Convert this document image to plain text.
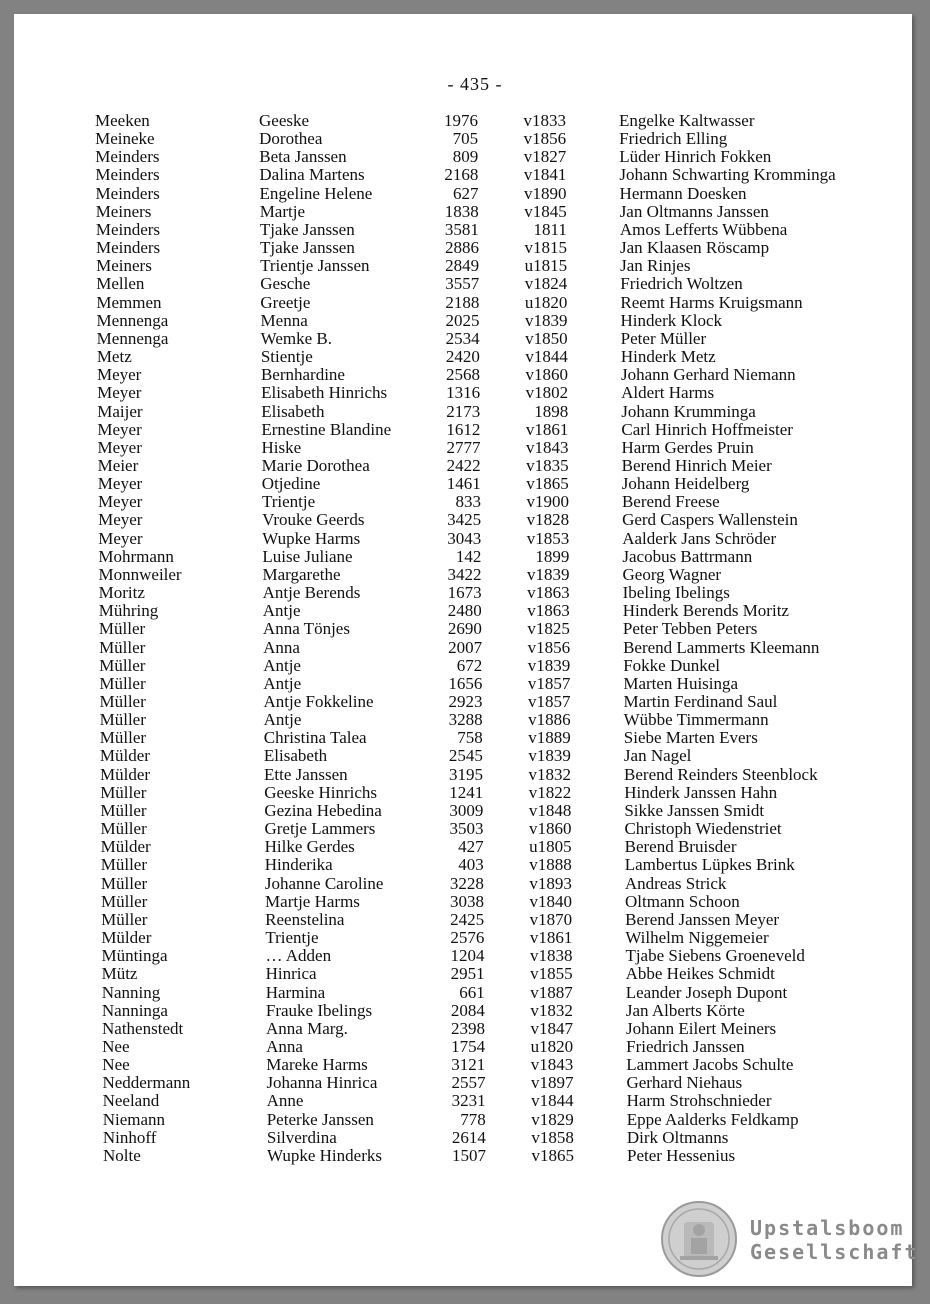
- 435 -
Meeken	Geeske	1976	v1833	Engelke Kaltwasser
Meineke	Dorothea	705	v1856	Friedrich Elling
Meinders	Beta Janssen	809	v1827	Lüder Hinrich Fokken
Meinders	Dalina Martens	2168	v1841	Johann Schwarting Kromminga
Meinders	Engeline Helene	627	v1890	Hermann Doesken
Meiners	Martje	1838	v1845	Jan Oltmanns Janssen
Meinders	Tjake Janssen	3581	1811	Amos Lefferts Wübbena
Meinders	Tjake Janssen	2886	v1815	Jan Klaasen Röscamp
Meiners	Trientje Janssen	2849	u1815	Jan Rinjes
Mellen	Gesche	3557	v1824	Friedrich Woltzen
Memmen	Greetje	2188	u1820	Reemt Harms Kruigsmann
Mennenga	Menna	2025	v1839	Hinderk Klock
Mennenga	Wemke B.	2534	v1850	Peter Müller
Metz	Stientje	2420	v1844	Hinderk Metz
Meyer	Bernhardine	2568	v1860	Johann Gerhard Niemann
Meyer	Elisabeth Hinrichs	1316	v1802	Aldert Harms
Maijer	Elisabeth	2173	1898	Johann Krumminga
Meyer	Ernestine Blandine	1612	v1861	Carl Hinrich Hoffmeister
Meyer	Hiske	2777	v1843	Harm Gerdes Pruin
Meier	Marie Dorothea	2422	v1835	Berend Hinrich Meier
Meyer	Otjedine	1461	v1865	Johann Heidelberg
Meyer	Trientje	833	v1900	Berend Freese
Meyer	Vrouke Geerds	3425	v1828	Gerd Caspers Wallenstein
Meyer	Wupke Harms	3043	v1853	Aalderk Jans Schröder
Mohrmann	Luise Juliane	142	1899	Jacobus Battrmann
Monnweiler	Margarethe	3422	v1839	Georg Wagner
Moritz	Antje Berends	1673	v1863	Ibeling Ibelings
Mühring	Antje	2480	v1863	Hinderk Berends Moritz
Müller	Anna Tönjes	2690	v1825	Peter Tebben Peters
Müller	Anna	2007	v1856	Berend Lammerts Kleemann
Müller	Antje	672	v1839	Fokke Dunkel
Müller	Antje	1656	v1857	Marten Huisinga
Müller	Antje Fokkeline	2923	v1857	Martin Ferdinand Saul
Müller	Antje	3288	v1886	Wübbe Timmermann
Müller	Christina Talea	758	v1889	Siebe Marten Evers
Mülder	Elisabeth	2545	v1839	Jan Nagel
Mülder	Ette Janssen	3195	v1832	Berend Reinders Steenblock
Müller	Geeske Hinrichs	1241	v1822	Hinderk Janssen Hahn
Müller	Gezina Hebedina	3009	v1848	Sikke Janssen Smidt
Müller	Gretje Lammers	3503	v1860	Christoph Wiedenstriet
Mülder	Hilke Gerdes	427	u1805	Berend Bruisder
Müller	Hinderika	403	v1888	Lambertus Lüpkes Brink
Müller	Johanne Caroline	3228	v1893	Andreas Strick
Müller	Martje Harms	3038	v1840	Oltmann Schoon
Müller	Reenstelina	2425	v1870	Berend Janssen Meyer
Mülder	Trientje	2576	v1861	Wilhelm Niggemeier
Müntinga	… Adden	1204	v1838	Tjabe Siebens Groeneveld
Mütz	Hinrica	2951	v1855	Abbe Heikes Schmidt
Nanning	Harmina	661	v1887	Leander Joseph Dupont
Nanninga	Frauke Ibelings	2084	v1832	Jan Alberts Körte
Nathenstedt	Anna Marg.	2398	v1847	Johann Eilert Meiners
Nee	Anna	1754	u1820	Friedrich Janssen
Nee	Mareke Harms	3121	v1843	Lammert Jacobs Schulte
Neddermann	Johanna Hinrica	2557	v1897	Gerhard Niehaus
Neeland	Anne	3231	v1844	Harm Strohschnieder
Niemann	Peterke Janssen	778	v1829	Eppe Aalderks Feldkamp
Ninhoff	Silverdina	2614	v1858	Dirk Oltmanns
Nolte	Wupke Hinderks	1507	v1865	Peter Hessenius
Upstalsboom
Gesellschaft
